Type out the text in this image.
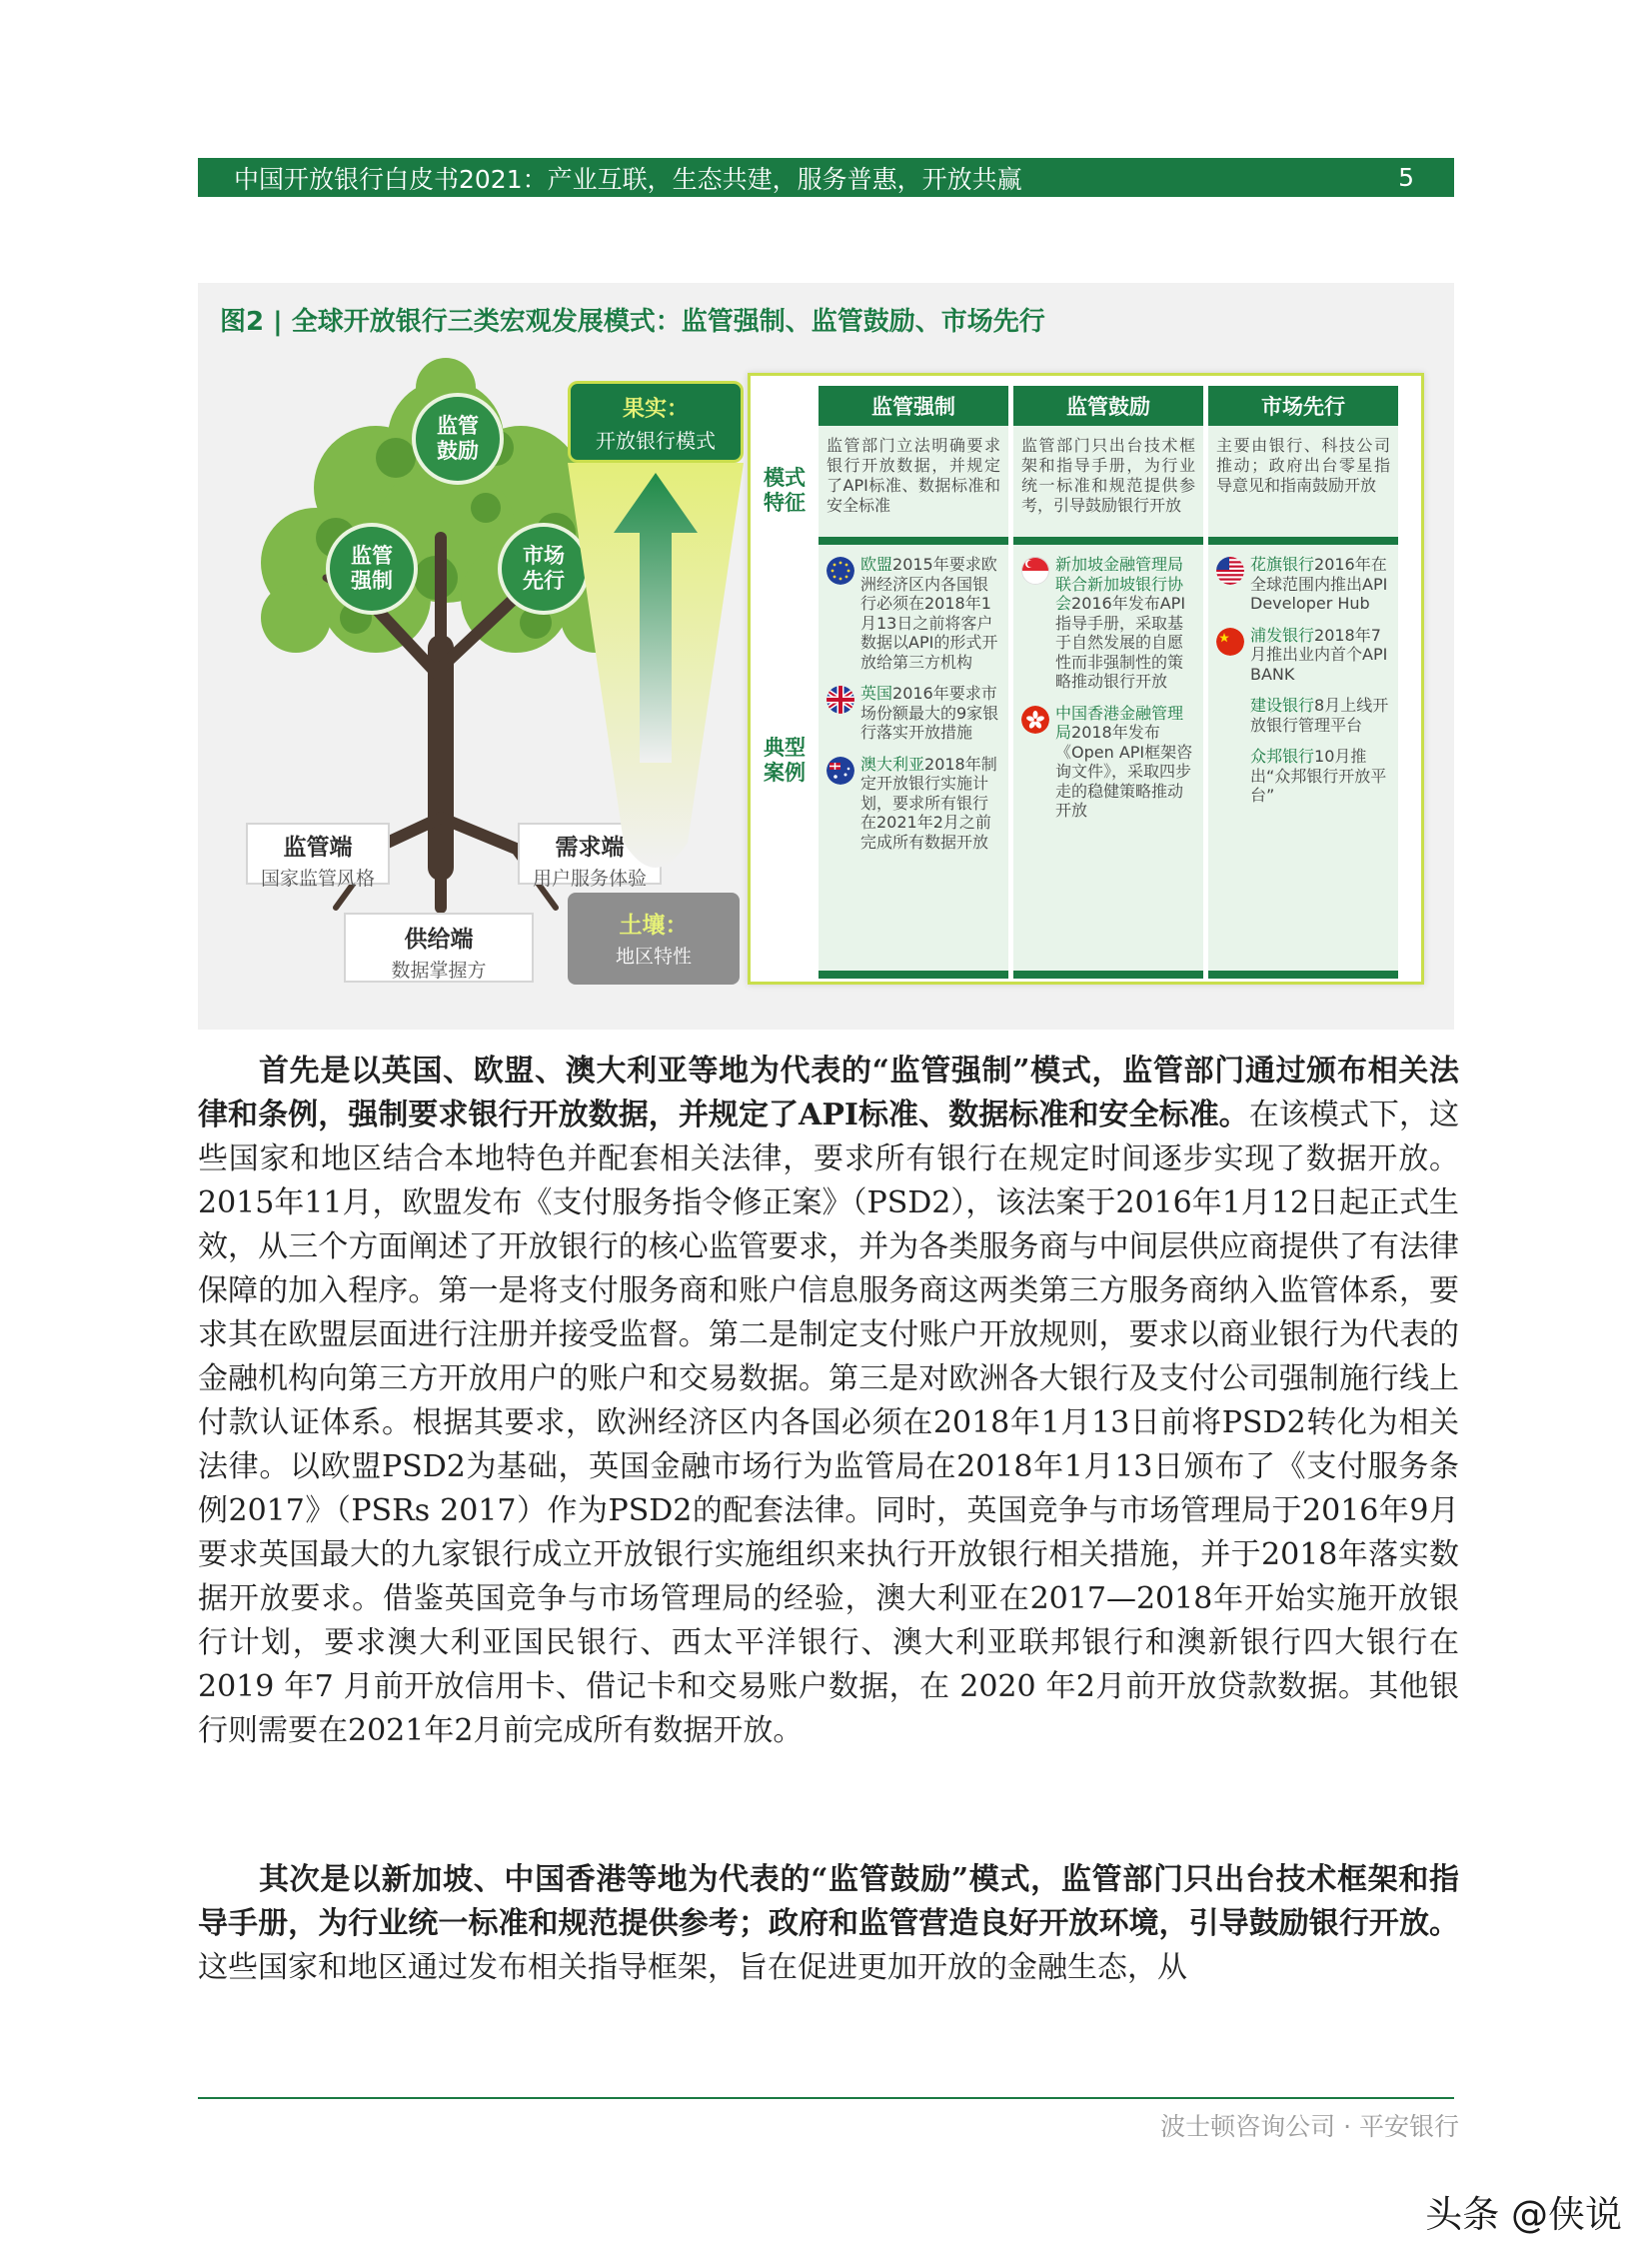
中国开放银行白皮书2021：产业互联，生态共建，服务普惠，开放共赢	5
图2 | 全球开放银行三类宏观发展模式：监管强制、监管鼓励、市场先行
监管鼓励
监管强制
市场先行
监管端
国家监管风格
需求端
用户服务体验
供给端
数据掌握方
土壤：
地区特性
果实：
开放银行模式
模式特征
典型案例
监管强制
监管部门立法明确要求银行开放数据，并规定了API标准、数据标准和安全标准
欧盟2015年要求欧洲经济区内各国银行必须在2018年1月13日之前将客户数据以API的形式开放给第三方机构
英国2016年要求市场份额最大的9家银行落实开放措施
澳大利亚2018年制定开放银行实施计划，要求所有银行在2021年2月之前完成所有数据开放
监管鼓励
监管部门只出台技术框架和指导手册，为行业统一标准和规范提供参考，引导鼓励银行开放
新加坡金融管理局联合新加坡银行协会2016年发布API指导手册，采取基于自然发展的自愿性而非强制性的策略推动银行开放
中国香港金融管理局2018年发布《Open API框架咨询文件》，采取四步走的稳健策略推动开放
市场先行
主要由银行、科技公司推动；政府出台零星指导意见和指南鼓励开放
花旗银行2016年在全球范围内推出API Developer Hub
浦发银行2018年7月推出业内首个API BANK
建设银行8月上线开放银行管理平台
众邦银行10月推出“众邦银行开放平台”

首先是以英国、欧盟、澳大利亚等地为代表的“监管强制”模式，监管部门通过颁布相关法律和条例，强制要求银行开放数据，并规定了API标准、数据标准和安全标准。在该模式下，这些国家和地区结合本地特色并配套相关法律，要求所有银行在规定时间逐步实现了数据开放。2015年11月，欧盟发布《支付服务指令修正案》（PSD2），该法案于2016年1月12日起正式生效，从三个方面阐述了开放银行的核心监管要求，并为各类服务商与中间层供应商提供了有法律保障的加入程序。第一是将支付服务商和账户信息服务商这两类第三方服务商纳入监管体系，要求其在欧盟层面进行注册并接受监督。第二是制定支付账户开放规则，要求以商业银行为代表的金融机构向第三方开放用户的账户和交易数据。第三是对欧洲各大银行及支付公司强制施行线上付款认证体系。根据其要求，欧洲经济区内各国必须在2018年1月13日前将PSD2转化为相关法律。以欧盟PSD2为基础，英国金融市场行为监管局在2018年1月13日颁布了《支付服务条例2017》（PSRs 2017）作为PSD2的配套法律。同时，英国竞争与市场管理局于2016年9月要求英国最大的九家银行成立开放银行实施组织来执行开放银行相关措施，并于2018年落实数据开放要求。借鉴英国竞争与市场管理局的经验，澳大利亚在2017—2018年开始实施开放银行计划，要求澳大利亚国民银行、西太平洋银行、澳大利亚联邦银行和澳新银行四大银行在 2019 年7 月前开放信用卡、借记卡和交易账户数据，在 2020 年2月前开放贷款数据。其他银行则需要在2021年2月前完成所有数据开放。

其次是以新加坡、中国香港等地为代表的“监管鼓励”模式，监管部门只出台技术框架和指导手册，为行业统一标准和规范提供参考；政府和监管营造良好开放环境，引导鼓励银行开放。这些国家和地区通过发布相关指导框架，旨在促进更加开放的金融生态，从

波士顿咨询公司 · 平安银行
头条 @侠说
